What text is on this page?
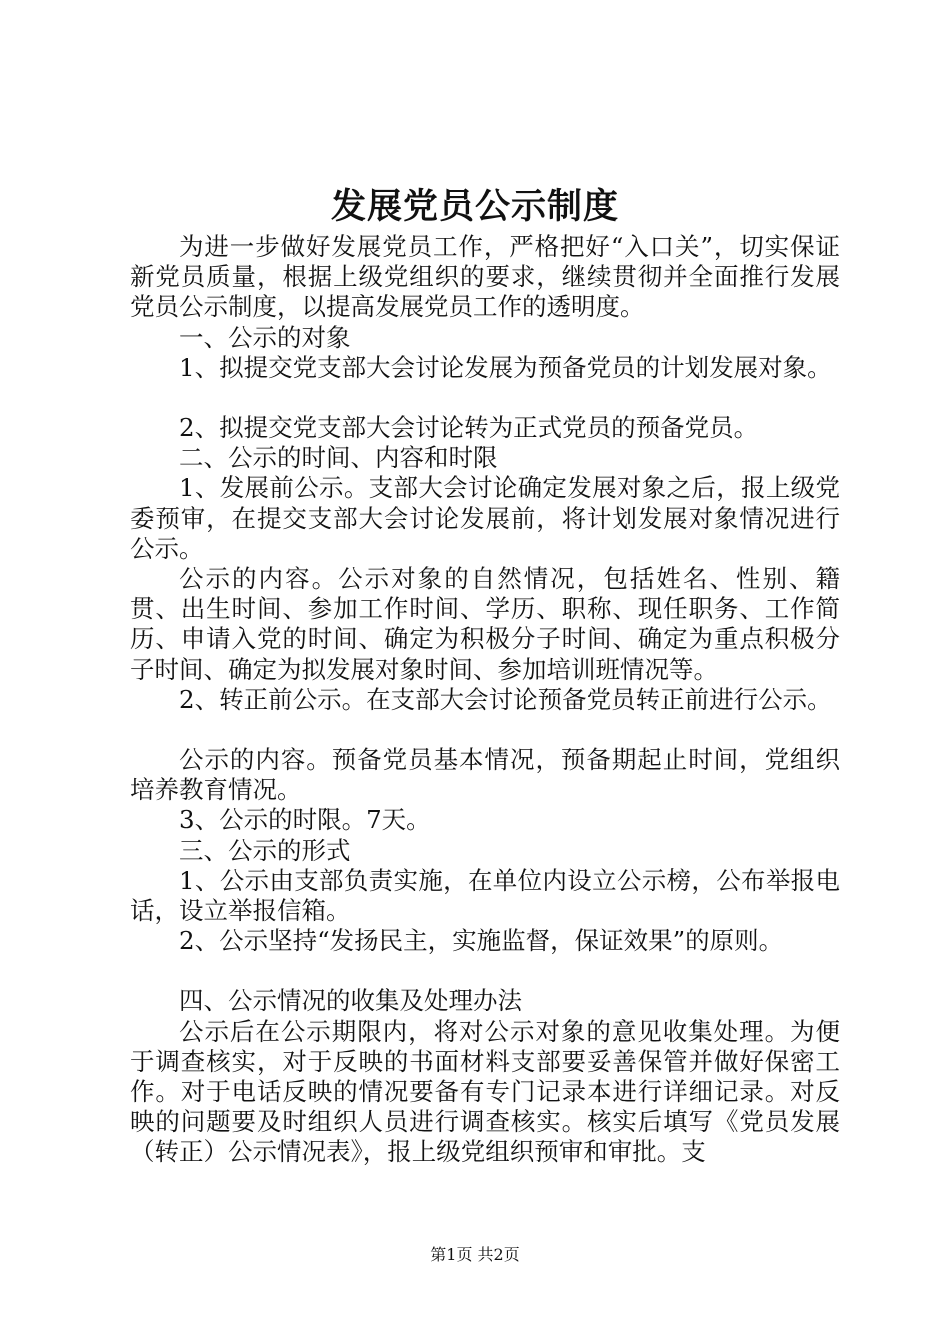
发展党员公示制度

为进一步做好发展党员工作，严格把好“入口关”，切实保证新党员质量，根据上级党组织的要求，继续贯彻并全面推行发展党员公示制度，以提高发展党员工作的透明度。

一、公示的对象

1、拟提交党支部大会讨论发展为预备党员的计划发展对象。

2、拟提交党支部大会讨论转为正式党员的预备党员。

二、公示的时间、内容和时限

1、发展前公示。支部大会讨论确定发展对象之后，报上级党委预审，在提交支部大会讨论发展前，将计划发展对象情况进行公示。

公示的内容。公示对象的自然情况，包括姓名、性别、籍贯、出生时间、参加工作时间、学历、职称、现任职务、工作简历、申请入党的时间、确定为积极分子时间、确定为重点积极分子时间、确定为拟发展对象时间、参加培训班情况等。

2、转正前公示。在支部大会讨论预备党员转正前进行公示。

公示的内容。预备党员基本情况，预备期起止时间，党组织培养教育情况。

3、公示的时限。7天。

三、公示的形式

1、公示由支部负责实施，在单位内设立公示榜，公布举报电话，设立举报信箱。

2、公示坚持“发扬民主，实施监督，保证效果”的原则。

四、公示情况的收集及处理办法

公示后在公示期限内，将对公示对象的意见收集处理。为便于调查核实，对于反映的书面材料支部要妥善保管并做好保密工作。对于电话反映的情况要备有专门记录本进行详细记录。对反映的问题要及时组织人员进行调查核实。核实后填写《党员发展（转正）公示情况表》，报上级党组织预审和审批。支

第1页 共2页
